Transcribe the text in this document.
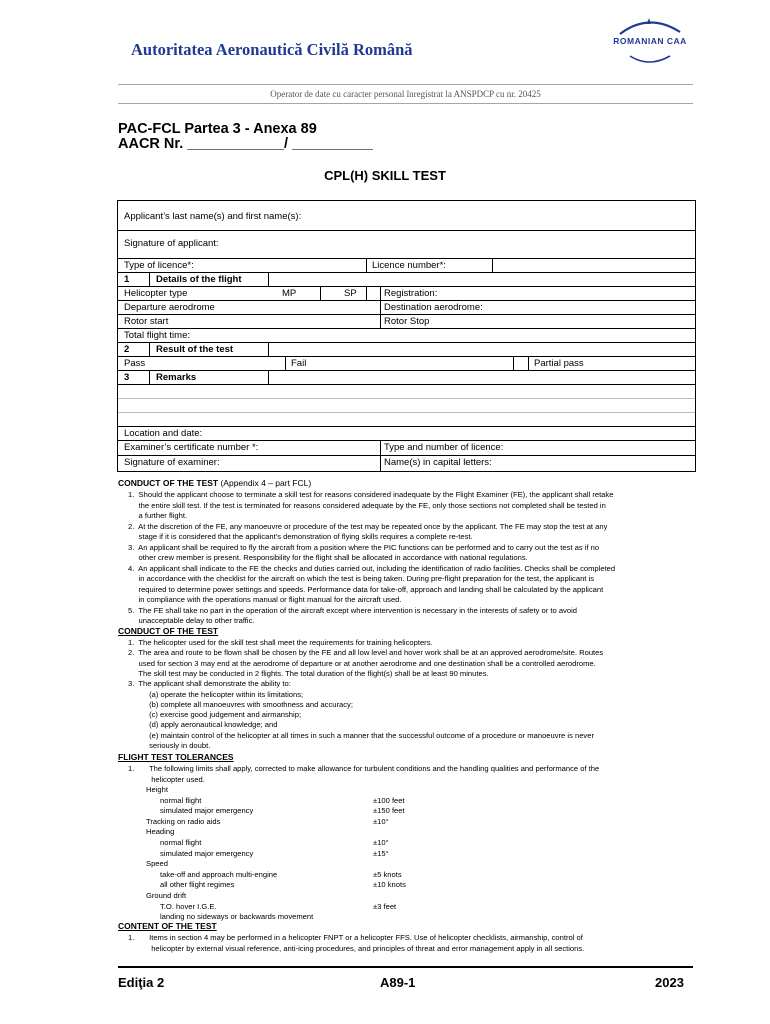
Autoritatea Aeronautică Civilă Română	ROMANIAN CAA
Operator de date cu caracter personal înregistrat la ANSPDCP cu nr. 20425
PAC-FCL Partea 3 - Anexa 89
AACR Nr. ____________/ __________
CPL(H) SKILL TEST
Applicant’s last name(s) and first name(s):
Signature of applicant:
Type of licence*:	Licence number*:
1	Details of the flight
Helicopter type	MP	SP	Registration:
Departure aerodrome	Destination aerodrome:
Rotor start	Rotor Stop
Total flight time:
2	Result of the test
Pass	Fail	Partial pass
3	Remarks
Location and date:
Examiner’s certificate number *:	Type and number of licence:
Signature of examiner:	Name(s) in capital letters:
CONDUCT OF THE TEST (Appendix 4 – part FCL)
1.  Should the applicant choose to terminate a skill test for reasons considered inadequate by the Flight Examiner (FE), the applicant shall retake
the entire skill test. If the test is terminated for reasons considered adequate by the FE, only those sections not completed shall be tested in
a further flight.
2.  At the discretion of the FE, any manoeuvre or procedure of the test may be repeated once by the applicant. The FE may stop the test at any
stage if it is considered that the applicant's demonstration of flying skills requires a complete re-test.
3.  An applicant shall be required to fly the aircraft from a position where the PIC functions can be performed and to carry out the test as if no
other crew member is present. Responsibility for the flight shall be allocated in accordance with national regulations.
4.  An applicant shall indicate to the FE the checks and duties carried out, including the identification of radio facilities. Checks shall be completed
in accordance with the checklist for the aircraft on which the test is being taken. During pre-flight preparation for the test, the applicant is
required to determine power settings and speeds. Performance data for take-off, approach and landing shall be calculated by the applicant
in compliance with the operations manual or flight manual for the aircraft used.
5.  The FE shall take no part in the operation of the aircraft except where intervention is necessary in the interests of safety or to avoid
unacceptable delay to other traffic.
CONDUCT OF THE TEST
1.  The helicopter used for the skill test shall meet the requirements for training helicopters.
2.  The area and route to be flown shall be chosen by the FE and all low level and hover work shall be at an approved aerodrome/site. Routes
used for section 3 may end at the aerodrome of departure or at another aerodrome and one destination shall be a controlled aerodrome.
The skill test may be conducted in 2 flights. The total duration of the flight(s) shall be at least 90 minutes.
3.  The applicant shall demonstrate the ability to:
(a) operate the helicopter within its limitations;
(b) complete all manoeuvres with smoothness and accuracy;
(c) exercise good judgement and airmanship;
(d) apply aeronautical knowledge; and
(e) maintain control of the helicopter at all times in such a manner that the successful outcome of a procedure or manoeuvre is never
seriously in doubt.
FLIGHT TEST TOLERANCES
1.       The following limits shall apply, corrected to make allowance for turbulent conditions and the handling qualities and performance of the
helicopter used.
Height
normal flight	±100 feet
simulated major emergency	±150 feet
Tracking on radio aids	±10°
Heading
normal flight	±10°
simulated major emergency	±15°
Speed
take-off and approach multi-engine	±5 knots
all other flight regimes	±10 knots
Ground drift
T.O. hover I.G.E.	±3 feet
landing no sideways or backwards movement
CONTENT OF THE TEST
1.       Items in section 4 may be performed in a helicopter FNPT or a helicopter FFS. Use of helicopter checklists, airmanship, control of
helicopter by external visual reference, anti-icing procedures, and principles of threat and error management apply in all sections.
Ediţia 2	A89-1	2023
